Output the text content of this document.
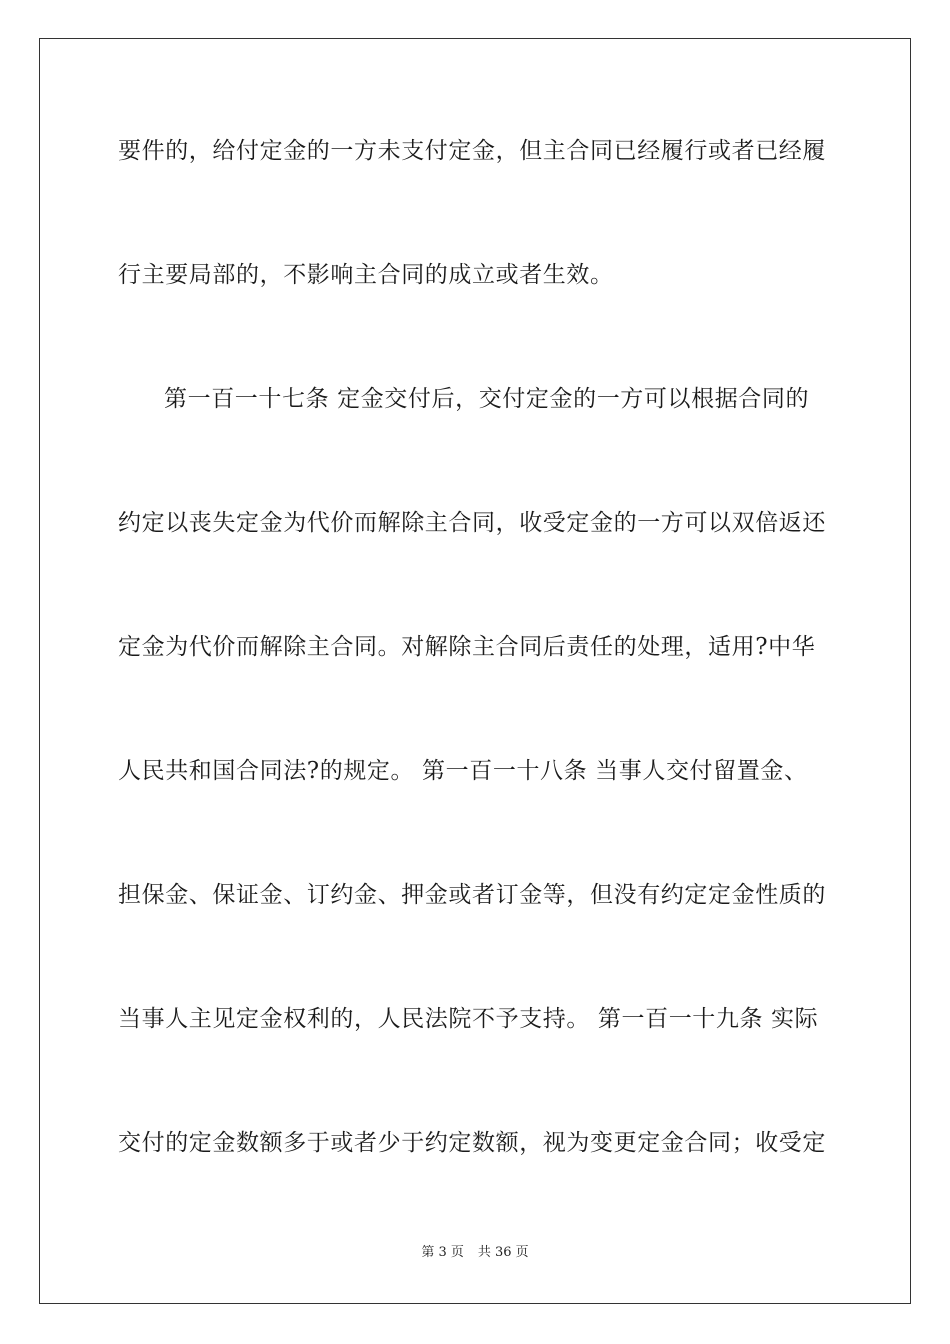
要件的，给付定金的一方未支付定金，但主合同已经履行或者已经履
行主要局部的，不影响主合同的成立或者生效。
第一百一十七条 定金交付后，交付定金的一方可以根据合同的
约定以丧失定金为代价而解除主合同，收受定金的一方可以双倍返还
定金为代价而解除主合同。对解除主合同后责任的处理，适用?中华
人民共和国合同法?的规定。 第一百一十八条 当事人交付留置金、
担保金、保证金、订约金、押金或者订金等，但没有约定定金性质的
当事人主见定金权利的，人民法院不予支持。 第一百一十九条 实际
交付的定金数额多于或者少于约定数额，视为变更定金合同；收受定
第 3 页 共 36 页
